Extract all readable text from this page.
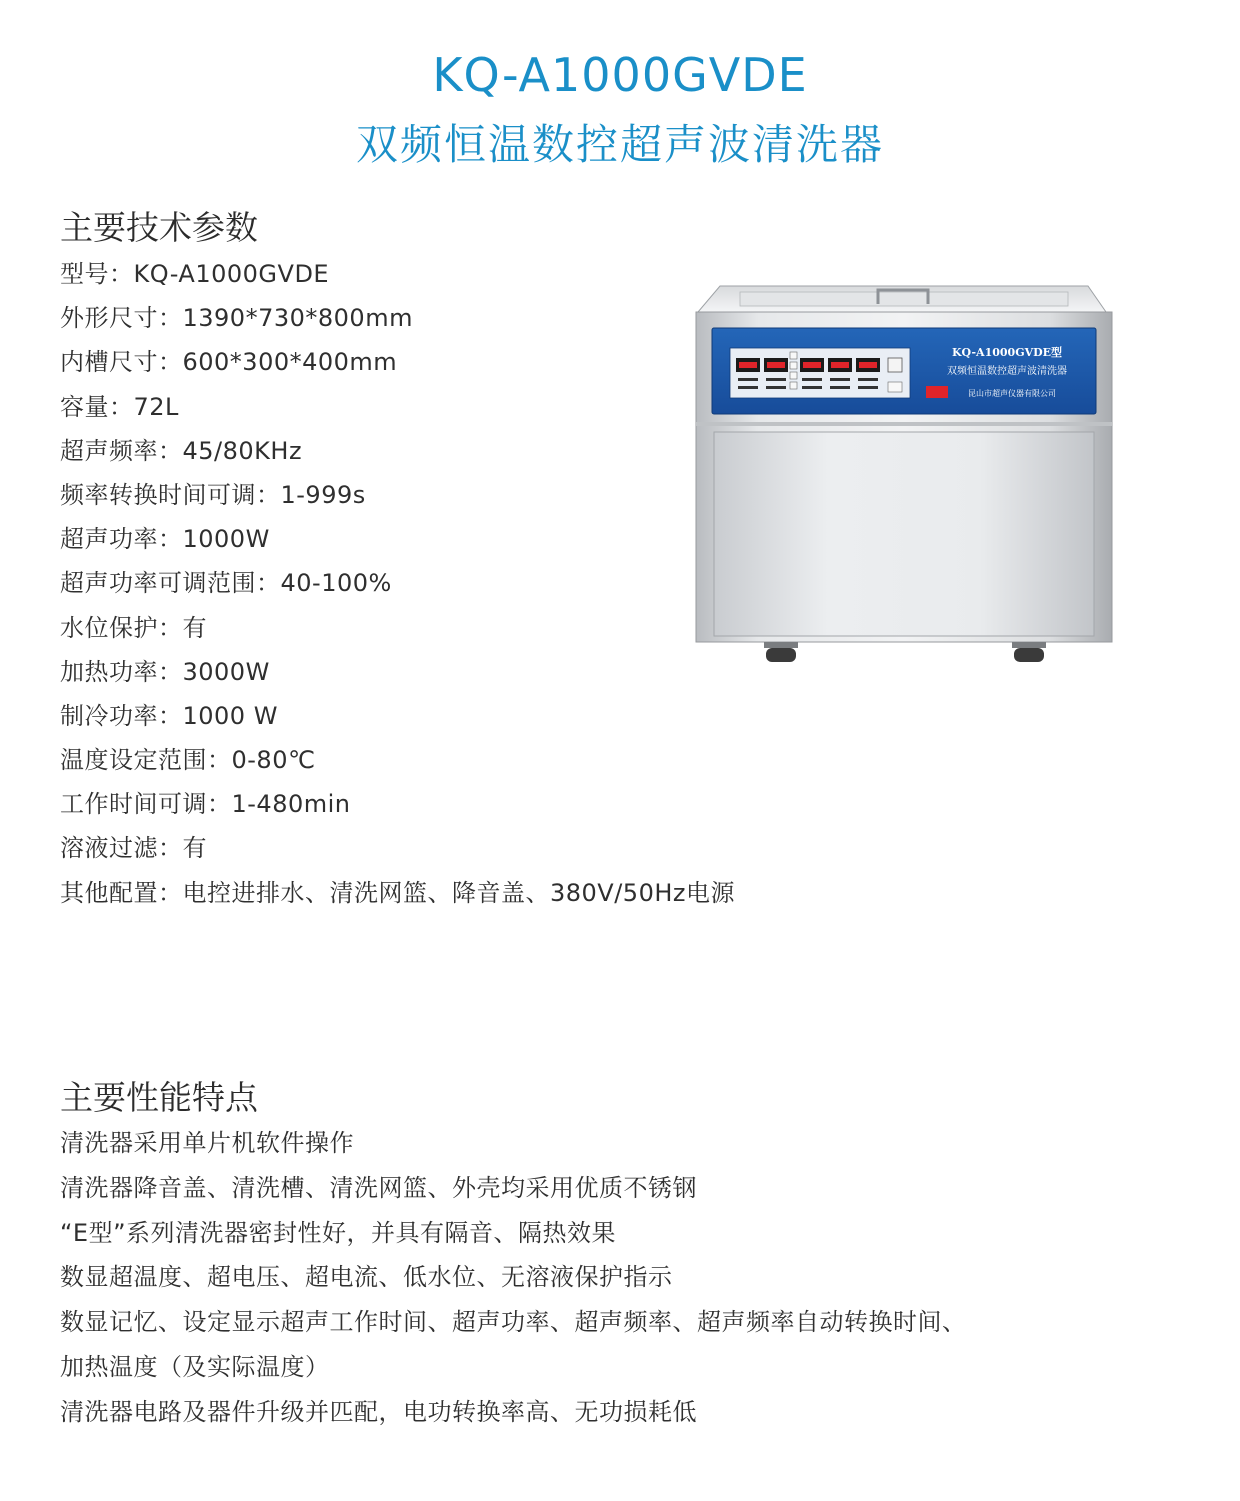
KQ-A1000GVDE
双频恒温数控超声波清洗器
主要技术参数
型号：KQ-A1000GVDE
外形尺寸：1390*730*800mm
内槽尺寸：600*300*400mm
容量：72L
超声频率：45/80KHz
频率转换时间可调：1-999s
超声功率：1000W
超声功率可调范围：40-100%
水位保护：有
加热功率：3000W
制冷功率：1000 W
温度设定范围：0-80℃
工作时间可调：1-480min
溶液过滤：有
其他配置：电控进排水、清洗网篮、降音盖、380V/50Hz电源
KQ-A1000GVDE型
双频恒温数控超声波清洗器
昆山市超声仪器有限公司
主要性能特点
清洗器采用单片机软件操作
清洗器降音盖、清洗槽、清洗网篮、外壳均采用优质不锈钢
“E型”系列清洗器密封性好，并具有隔音、隔热效果
数显超温度、超电压、超电流、低水位、无溶液保护指示
数显记忆、设定显示超声工作时间、超声功率、超声频率、超声频率自动转换时间、
加热温度（及实际温度）
清洗器电路及器件升级并匹配，电功转换率高、无功损耗低
